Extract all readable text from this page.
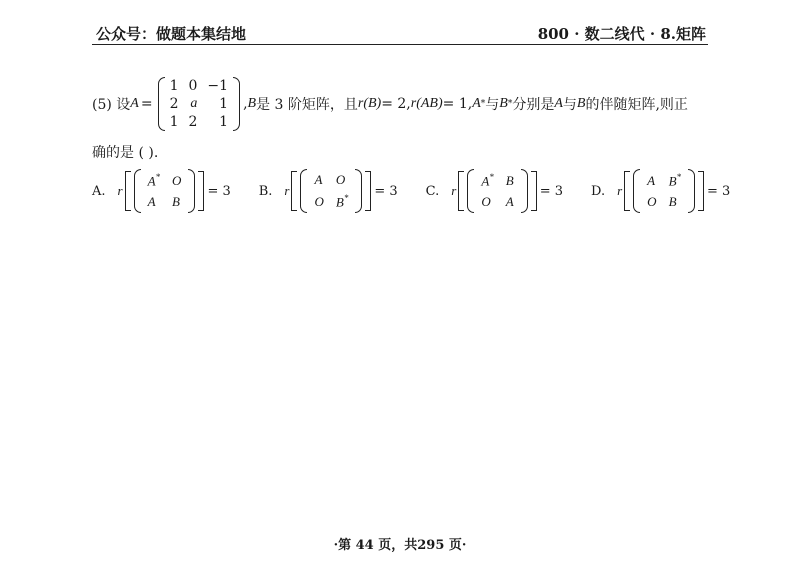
公众号：做题本集结地	800 · 数二线代 · 8.矩阵
(5) 设 A =
1	0	−1
2	a	1
1	2	1
, B 是 3 阶矩阵，且 r(B) = 2, r(AB) = 1, A * 与 B * 分别是 A 与 B 的伴随矩阵,则正
确的是 ( ).
A. r
A*	O
A	B
= 3 B. r
A	O
O	B* = 3 C. r
A*	B
O	A
= 3 D. r
A	B*
O	B
= 3
·第 44 页，共295 页·
